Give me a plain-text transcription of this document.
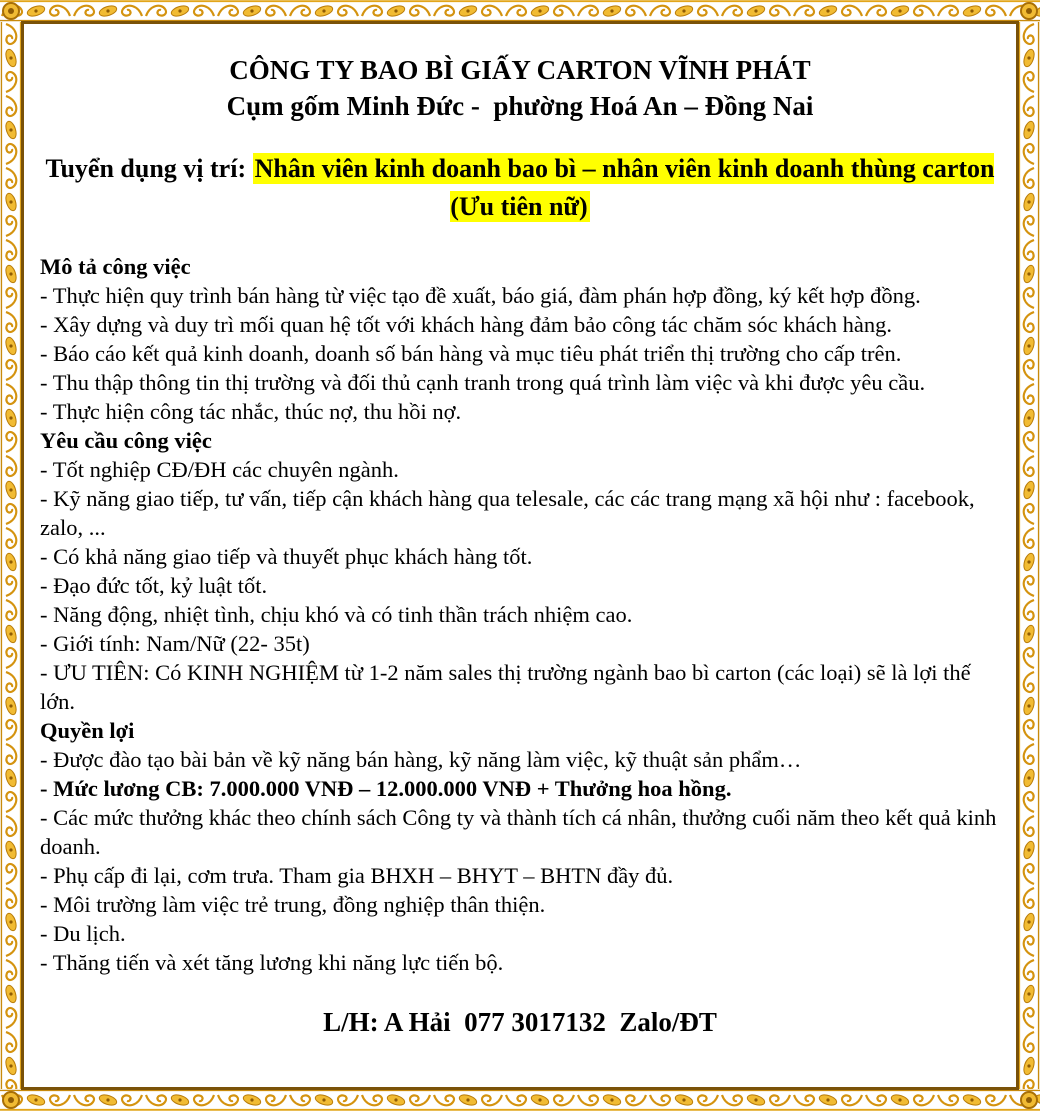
CÔNG TY BAO BÌ GIẤY CARTON VĨNH PHÁT
Cụm gốm Minh Đức -  phường Hoá An – Đồng Nai
Tuyển dụng vị trí: Nhân viên kinh doanh bao bì – nhân viên kinh doanh thùng carton (Ưu tiên nữ)
Mô tả công việc
- Thực hiện quy trình bán hàng từ việc tạo đề xuất, báo giá, đàm phán hợp đồng, ký kết hợp đồng.
- Xây dựng và duy trì mối quan hệ tốt với khách hàng đảm bảo công tác chăm sóc khách hàng.
- Báo cáo kết quả kinh doanh, doanh số bán hàng và mục tiêu phát triển thị trường cho cấp trên.
- Thu thập thông tin thị trường và đối thủ cạnh tranh trong quá trình làm việc và khi được yêu cầu.
- Thực hiện công tác nhắc, thúc nợ, thu hồi nợ.
Yêu cầu công việc
- Tốt nghiệp CĐ/ĐH các chuyên ngành.
- Kỹ năng giao tiếp, tư vấn, tiếp cận khách hàng qua telesale, các các trang mạng xã hội như : facebook, zalo, ...
- Có khả năng giao tiếp và thuyết phục khách hàng tốt.
- Đạo đức tốt, kỷ luật tốt.
- Năng động, nhiệt tình, chịu khó và có tinh thần trách nhiệm cao.
- Giới tính: Nam/Nữ (22- 35t)
- ƯU TIÊN: Có KINH NGHIỆM từ 1-2 năm sales thị trường ngành bao bì carton (các loại) sẽ là lợi thế lớn.
Quyền lợi
- Được đào tạo bài bản về kỹ năng bán hàng, kỹ năng làm việc, kỹ thuật sản phẩm…
- Mức lương CB: 7.000.000 VNĐ – 12.000.000 VNĐ + Thưởng hoa hồng.
- Các mức thưởng khác theo chính sách Công ty và thành tích cá nhân, thưởng cuối năm theo kết quả kinh doanh.
- Phụ cấp đi lại, cơm trưa. Tham gia BHXH – BHYT – BHTN đầy đủ.
- Môi trường làm việc trẻ trung, đồng nghiệp thân thiện.
- Du lịch.
- Thăng tiến và xét tăng lương khi năng lực tiến bộ.
L/H: A Hải  077 3017132  Zalo/ĐT
